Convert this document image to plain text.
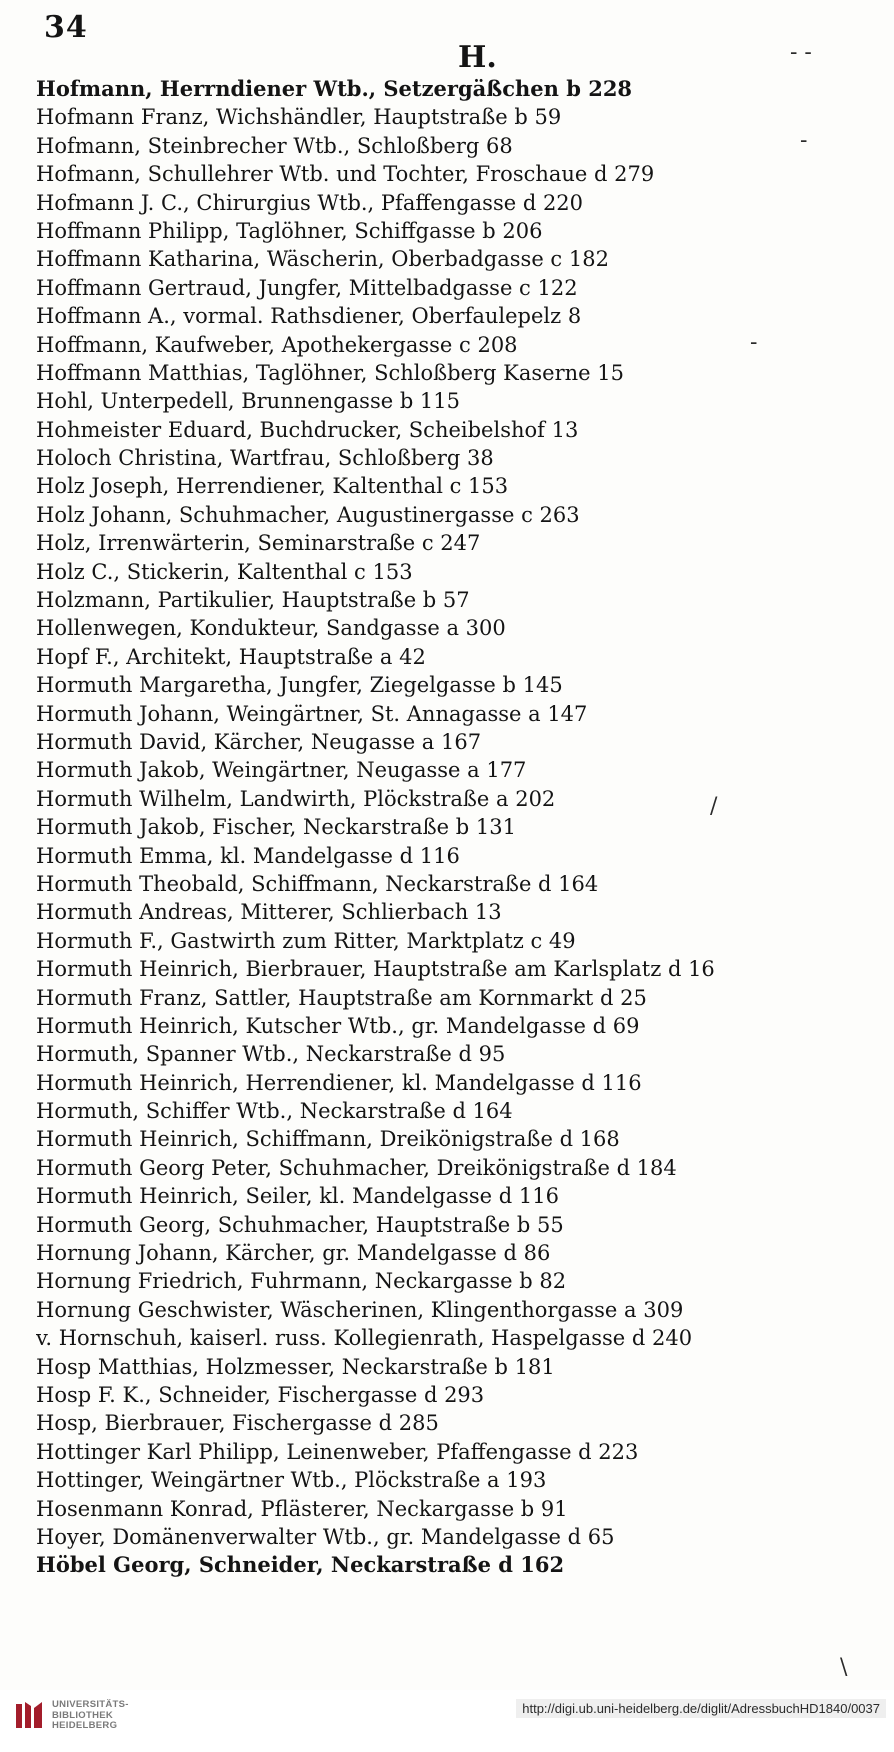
34
H.
Hofmann, Herrndiener Wtb., Setzergäßchen b 228
Hofmann Franz, Wichshändler, Hauptstraße b 59
Hofmann, Steinbrecher Wtb., Schloßberg 68
Hofmann, Schullehrer Wtb. und Tochter, Froschaue d 279
Hofmann J. C., Chirurgius Wtb., Pfaffengasse d 220
Hoffmann Philipp, Taglöhner, Schiffgasse b 206
Hoffmann Katharina, Wäscherin, Oberbadgasse c 182
Hoffmann Gertraud, Jungfer, Mittelbadgasse c 122
Hoffmann A., vormal. Rathsdiener, Oberfaulepelz 8
Hoffmann, Kaufweber, Apothekergasse c 208
Hoffmann Matthias, Taglöhner, Schloßberg Kaserne 15
Hohl, Unterpedell, Brunnengasse b 115
Hohmeister Eduard, Buchdrucker, Scheibelshof 13
Holoch Christina, Wartfrau, Schloßberg 38
Holz Joseph, Herrendiener, Kaltenthal c 153
Holz Johann, Schuhmacher, Augustinergasse c 263
Holz, Irrenwärterin, Seminarstraße c 247
Holz C., Stickerin, Kaltenthal c 153
Holzmann, Partikulier, Hauptstraße b 57
Hollenwegen, Kondukteur, Sandgasse a 300
Hopf F., Architekt, Hauptstraße a 42
Hormuth Margaretha, Jungfer, Ziegelgasse b 145
Hormuth Johann, Weingärtner, St. Annagasse a 147
Hormuth David, Kärcher, Neugasse a 167
Hormuth Jakob, Weingärtner, Neugasse a 177
Hormuth Wilhelm, Landwirth, Plöckstraße a 202
Hormuth Jakob, Fischer, Neckarstraße b 131
Hormuth Emma, kl. Mandelgasse d 116
Hormuth Theobald, Schiffmann, Neckarstraße d 164
Hormuth Andreas, Mitterer, Schlierbach 13
Hormuth F., Gastwirth zum Ritter, Marktplatz c 49
Hormuth Heinrich, Bierbrauer, Hauptstraße am Karlsplatz d 16
Hormuth Franz, Sattler, Hauptstraße am Kornmarkt d 25
Hormuth Heinrich, Kutscher Wtb., gr. Mandelgasse d 69
Hormuth, Spanner Wtb., Neckarstraße d 95
Hormuth Heinrich, Herrendiener, kl. Mandelgasse d 116
Hormuth, Schiffer Wtb., Neckarstraße d 164
Hormuth Heinrich, Schiffmann, Dreikönigstraße d 168
Hormuth Georg Peter, Schuhmacher, Dreikönigstraße d 184
Hormuth Heinrich, Seiler, kl. Mandelgasse d 116
Hormuth Georg, Schuhmacher, Hauptstraße b 55
Hornung Johann, Kärcher, gr. Mandelgasse d 86
Hornung Friedrich, Fuhrmann, Neckargasse b 82
Hornung Geschwister, Wäscherinen, Klingenthorgasse a 309
v. Hornschuh, kaiserl. russ. Kollegienrath, Haspelgasse d 240
Hosp Matthias, Holzmesser, Neckarstraße b 181
Hosp F. K., Schneider, Fischergasse d 293
Hosp, Bierbrauer, Fischergasse d 285
Hottinger Karl Philipp, Leinenweber, Pfaffengasse d 223
Hottinger, Weingärtner Wtb., Plöckstraße a 193
Hosenmann Konrad, Pflästerer, Neckargasse b 91
Hoyer, Domänenverwalter Wtb., gr. Mandelgasse d 65
Höbel Georg, Schneider, Neckarstraße d 162
- -
-
-
/
\
UNIVERSITÄTS-
BIBLIOTHEK
HEIDELBERG
http://digi.ub.uni-heidelberg.de/diglit/AdressbuchHD1840/0037
